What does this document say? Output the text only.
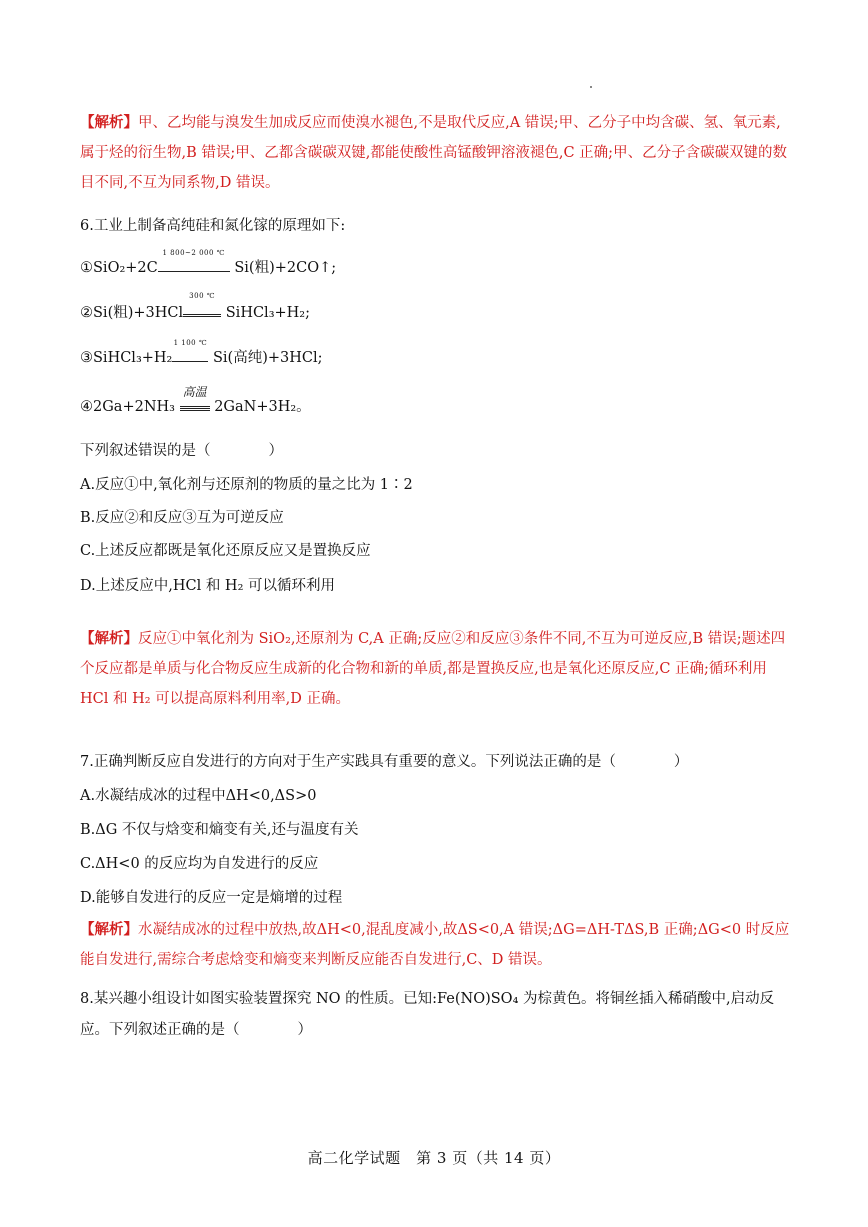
【解析】甲、乙均能与溴发生加成反应而使溴水褪色,不是取代反应,A 错误;甲、乙分子中均含碳、氢、氧元素,属于烃的衍生物,B 错误;甲、乙都含碳碳双键,都能使酸性高锰酸钾溶液褪色,C 正确;甲、乙分子含碳碳双键的数目不同,不互为同系物,D 错误。
6.工业上制备高纯硅和氮化镓的原理如下:
①SiO₂+2C
1 800~2 000 ℃
Si(粗)+2CO↑;
②Si(粗)+3HCl
300 ℃
SiHCl₃+H₂;
③SiHCl₃+H₂
1 100 ℃
Si(高纯)+3HCl;
④2Ga+2NH₃
高温
2GaN+3H₂。
下列叙述错误的是（　　　　）
A.反应①中,氧化剂与还原剂的物质的量之比为 1∶2
B.反应②和反应③互为可逆反应
C.上述反应都既是氧化还原反应又是置换反应
D.上述反应中,HCl 和 H₂ 可以循环利用
【解析】反应①中氧化剂为 SiO₂,还原剂为 C,A 正确;反应②和反应③条件不同,不互为可逆反应,B 错误;题述四个反应都是单质与化合物反应生成新的化合物和新的单质,都是置换反应,也是氧化还原反应,C 正确;循环利用 HCl 和 H₂ 可以提高原料利用率,D 正确。
7.正确判断反应自发进行的方向对于生产实践具有重要的意义。下列说法正确的是（　　　　）
A.水凝结成冰的过程中ΔH<0,ΔS>0
B.ΔG 不仅与焓变和熵变有关,还与温度有关
C.ΔH<0 的反应均为自发进行的反应
D.能够自发进行的反应一定是熵增的过程
【解析】水凝结成冰的过程中放热,故ΔH<0,混乱度减小,故ΔS<0,A 错误;ΔG=ΔH-TΔS,B 正确;ΔG<0 时反应能自发进行,需综合考虑焓变和熵变来判断反应能否自发进行,C、D 错误。
8.某兴趣小组设计如图实验装置探究 NO 的性质。已知:Fe(NO)SO₄ 为棕黄色。将铜丝插入稀硝酸中,启动反应。下列叙述正确的是（　　　　）
高二化学试题　第 3 页（共 14 页）
